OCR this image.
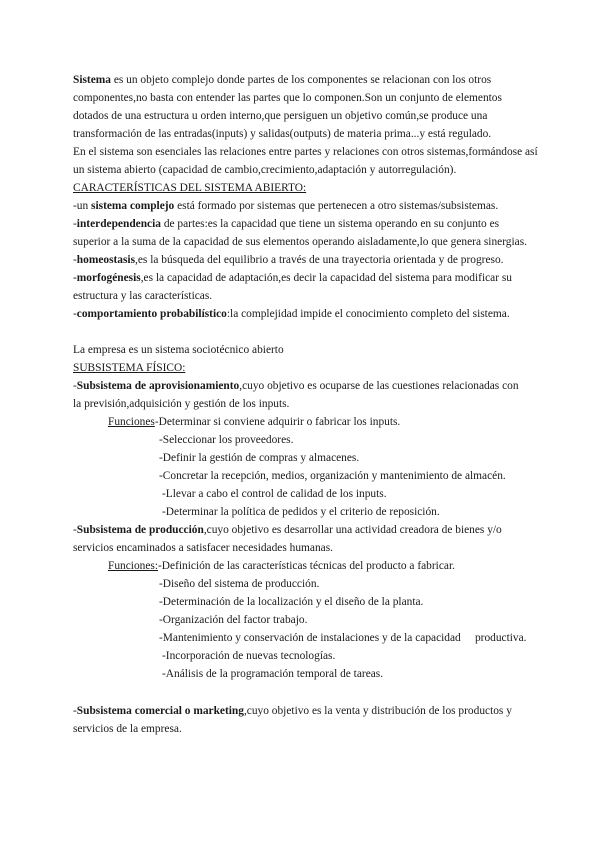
Sistema es un objeto complejo donde partes de los componentes se relacionan con los otros
componentes,no basta con entender las partes que lo componen.Son un conjunto de elementos
dotados de una estructura u orden interno,que persiguen un objetivo común,se produce una
transformación de las entradas(inputs) y salidas(outputs) de materia prima...y está regulado.
En el sistema son esenciales las relaciones entre partes y relaciones con otros sistemas,formándose así
un sistema abierto (capacidad de cambio,crecimiento,adaptación y autorregulación).
CARACTERÍSTICAS DEL SISTEMA ABIERTO:
-un sistema complejo está formado por sistemas que pertenecen a otro sistemas/subsistemas.
-interdependencia de partes:es la capacidad que tiene un sistema operando en su conjunto es
superior a la suma de la capacidad de sus elementos operando aisladamente,lo que genera sinergias.
-homeostasis,es la búsqueda del equilibrio a través de una trayectoria orientada y de progreso.
-morfogénesis,es la capacidad de adaptación,es decir la capacidad del sistema para modificar su
estructura y las características.
-comportamiento probabilístico:la complejidad impide el conocimiento completo del sistema.
La empresa es un sistema sociotécnico abierto
SUBSISTEMA FÍSICO:
-Subsistema de aprovisionamiento,cuyo objetivo es ocuparse de las cuestiones relacionadas con
la previsión,adquisición y gestión de los inputs.
Funciones-Determinar si conviene adquirir o fabricar los inputs.
-Seleccionar los proveedores.
-Definir la gestión de compras y almacenes.
-Concretar la recepción, medios, organización y mantenimiento de almacén.
-Llevar a cabo el control de calidad de los inputs.
-Determinar la política de pedidos y el criterio de reposición.
-Subsistema de producción,cuyo objetivo es desarrollar una actividad creadora de bienes y/o
servicios encaminados a satisfacer necesidades humanas.
Funciones:-Definición de las características técnicas del producto a fabricar.
-Diseño del sistema de producción.
-Determinación de la localización y el diseño de la planta.
-Organización del factor trabajo.
-Mantenimiento y conservación de instalaciones y de la capacidad     productiva.
-Incorporación de nuevas tecnologías.
-Análisis de la programación temporal de tareas.
-Subsistema comercial o marketing,cuyo objetivo es la venta y distribución de los productos y
servicios de la empresa.
